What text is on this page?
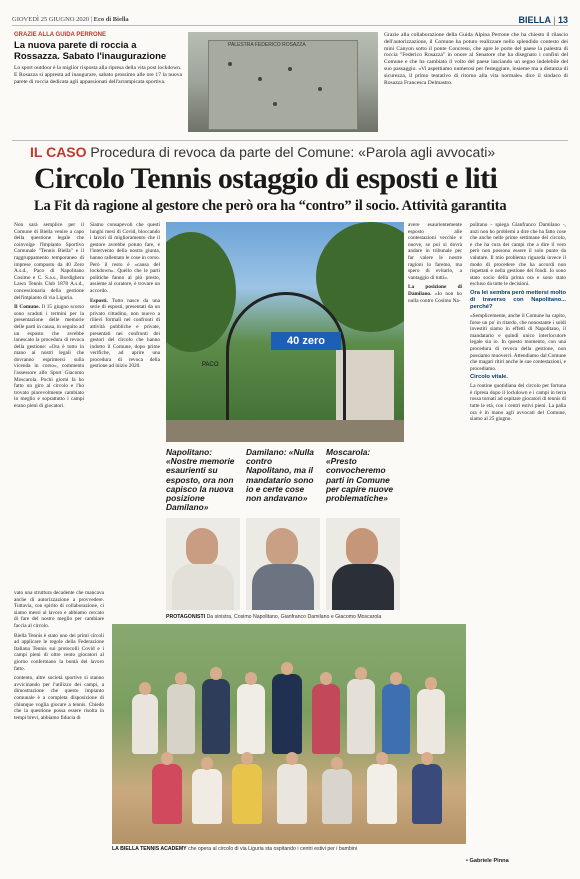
GIOVEDÌ 25 GIUGNO 2020 | Eco di Biella	BIELLA | 13
GRAZIE ALLA GUIDA PERRONE
La nuova parete di roccia a Rossazza. Sabato l'inaugurazione

Lo sport outdoor è la miglior risposta alla ripresa della vita post lockdown.

E Rosazza si appresta ad inaugurare, sabato prossimo alle ore 17 la nuova parete di roccia dedicata agli appassionati dell'arrampicata sportiva.

PALESTRA FEDERICO ROSAZZA
Grazie alla collaborazione della Guida Alpina Perrone che ha chiesto il rilascio dell'autorizzazione, il Comune ha potuto realizzare nello splendido contesto dei mini Canyon sotto il ponte Concreso, che apre le porte del paese la palestra di roccia "Federico Rosazza" in onore al Senatore che ha disegnato i confini del Comune e che ha cambiato il volto del paese lasciando un segno indelebile del suo passaggio. «Vi aspettiamo numerosi per festeggiare, insieme ma a distanza di sicurezza, il primo tentativo di ritorno alla vita normale» dice il sindaco di Rosazza Francesca Delmastro.
IL CASO Procedura di revoca da parte del Comune: «Parola agli avvocati»
Circolo Tennis ostaggio di esposti e liti
La Fit dà ragione al gestore che però ora ha “contro” il socio. Attività garantita

Non sarà semplice per il Comune di Biella venire a capo della questione legale che coinvolge l'Impianto Sportivo Comunale "Tennis Biella" e il raggruppamento temporaneo di imprese composto da 40 Zero A.s.d., Paco di Napolitano Cosimo e C. S.a.s., Bordighera Lawn Tennis Club 1878 A.s.d., concessionaria della gestione dell'impianto di via Liguria.

Il Comune. Il 15 giugno scorso sono scaduti i termini per la presentazione delle memorie delle parti in causa, in seguito ad un esposto che avrebbe innescato la procedura di revoca della gestione: «Ora è tutto in mano ai nostri legali che dovranno esprimersi sulla vicenda in corso», commenta l'assessore allo Sport Giacomo Moscarola. Pochi giorni fa ho fatto un giro al circolo e l'ho trovato piacevolmente cambiato in meglio e soprattutto i campi erano pieni di giocatori.

Siamo consapevoli che questi lunghi mesi di Covid, bloccando i lavori di miglioramento che il gestore avrebbe potuto fare, e l'intervento della nostra giunta, hanno rallentato le cose in corso. Però il resto è «causa del lockdown». Quello che le parti politiche fanno al più presto, assieme al curatore, è trovare un accordo.

Esposti. Tutto nasce da una serie di esposti, presentati da un privato cittadino, non nuovo a rilievi formali nei confronti di attività pubbliche e private, presentati nei confronti dei gestori del circolo che hanno indotto il Comune, dopo prime verifiche, ad aprire una procedura di revoca della gestione ad inizio 2020.

40 zero
PACO

avere esaurientemente esposto alle contestazioni vecchie e nuove, se poi si dovrà andare in tribunale per far valere le nostre ragioni lo faremo, ma spero di evitarlo, a vantaggio di tutti».

La posizione di Damilano. «Io non ho nulla contro Cosimo Na-

politano - spiega Gianfranco Damilano -, anzi non ho problemi a dire che ha fatto cose che anche nelle prime settimane del circolo, e che ha cura dei campi che a dire il vero però non possono essere il solo punto da valutare. Il mio problema riguarda invece il modo di procedere che ha accordi non rispettati e nella gestione dei fondi. Io sono stato socio della prima ora e sono stato escluso da tutte le decisioni.

Ora lei sembra però mettersi molto di traverso con Napolitano... perché?

«Semplicemente, anche il Comune ha capito, forse un po' in ritardo, che nonostante i soldi investiti siamo in effetti di Napolitano, il mandatario e quindi unico interlocutore legale sia io. In questo momento, con una procedura di revoca della gestione, non possiamo muoverci. Attendiamo dal Comune che magari ritiri anche le sue contestazioni, e procediamo.

Circolo vitale.

La routine quotidiana del circolo per fortuna è ripresa dopo il lockdown e i campi in terra rossa tornati ad ospitare giocatori di tennis di tutte le età, con i centri estivi pieni. La palla ora è in mano agli avvocati del Comune, siamo al 25 giugno.

Napolitano: «Nostre memorie esaurienti su esposto, ora non capisco la nuova posizione Damilano»
Damilano: «Nulla contro Napolitano, ma il mandatario sono io e certe cose non andavano»
Moscarola: «Presto convocheremo parti in Comune per capire nuove problematiche»

vato una struttura decadente che mancava anche di autorizzazione a provvedere. Tuttavia, con spirito di collaborazione, ci siamo messi al lavoro e abbiamo cercato di fare del nostro meglio per cambiare faccia al circolo.

Biella Tennis è stato uno dei primi circoli ad applicare le regole della Federazione Italiana Tennis sui protocolli Covid e i campi pieni di oltre cento giocatori al giorno confermano la bontà del lavoro fatto.

contento, altre società sportive si stanno avvicinando per l'utilizzo dei campi, a dimostrazione che questo impianto comunale è a completa disposizione di chiunque voglia giocare a tennis. Chiedo che la questione possa essere risolta in tempi brevi, abbiamo fiducia di

PROTAGONISTI Da sinistra, Cosimo Napolitano, Gianfranco Damilano e Giacomo Moscarola
LA BIELLA TENNIS ACADEMY che opera al circolo di via Liguria sta ospitando i centri estivi per i bambini
• Gabriele Pinna
